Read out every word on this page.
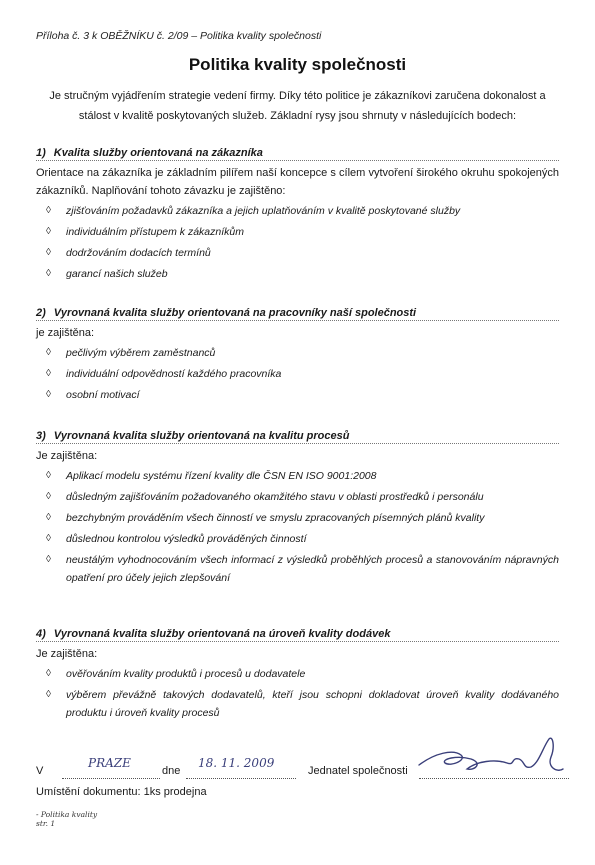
Příloha č. 3 k OBĚŽNÍKU č. 2/09 – Politika kvality společnosti
Politika kvality společnosti
Je stručným vyjádřením strategie vedení firmy. Díky této politice je zákazníkovi zaručena dokonalost a
stálost v kvalitě poskytovaných služeb. Základní rysy jsou shrnuty v následujících bodech:
1) Kvalita služby orientovaná na zákazníka

Orientace na zákazníka je základním pilířem naší koncepce s cílem vytvoření širokého okruhu spokojených zákazníků. Naplňování tohoto závazku je zajištěno:

◊ zjišťováním požadavků zákazníka a jejich uplatňováním v kvalitě poskytované služby
◊ individuálním přístupem k zákazníkům
◊ dodržováním dodacích termínů
◊ garancí našich služeb
2) Vyrovnaná kvalita služby orientovaná na pracovníky naší společnosti

je zajištěna:

◊ pečlivým výběrem zaměstnanců
◊ individuální odpovědností každého pracovníka
◊ osobní motivací
3) Vyrovnaná kvalita služby orientovaná na kvalitu procesů

Je zajištěna:

◊ Aplikací modelu systému řízení kvality dle ČSN EN ISO 9001:2008
◊ důsledným zajišťováním požadovaného okamžitého stavu v oblasti prostředků i personálu
◊ bezchybným prováděním všech činností ve smyslu zpracovaných písemných plánů kvality
◊ důslednou kontrolou výsledků prováděných činností
◊ neustálým vyhodnocováním všech informací z výsledků proběhlých procesů a stanovováním nápravných opatření pro účely jejich zlepšování
4) Vyrovnaná kvalita služby orientovaná na úroveň kvality dodávek

Je zajištěna:

◊ ověřováním kvality produktů i procesů u dodavatele
◊ výběrem převážně takových dodavatelů, kteří jsou schopni dokladovat úroveň kvality dodávaného produktu i úroveň kvality procesů
V
PRAZE
dne
18. 11. 2009
Jednatel společnosti
Umístění dokumentu: 1ks prodejna
- Politika kvality
str. 1
